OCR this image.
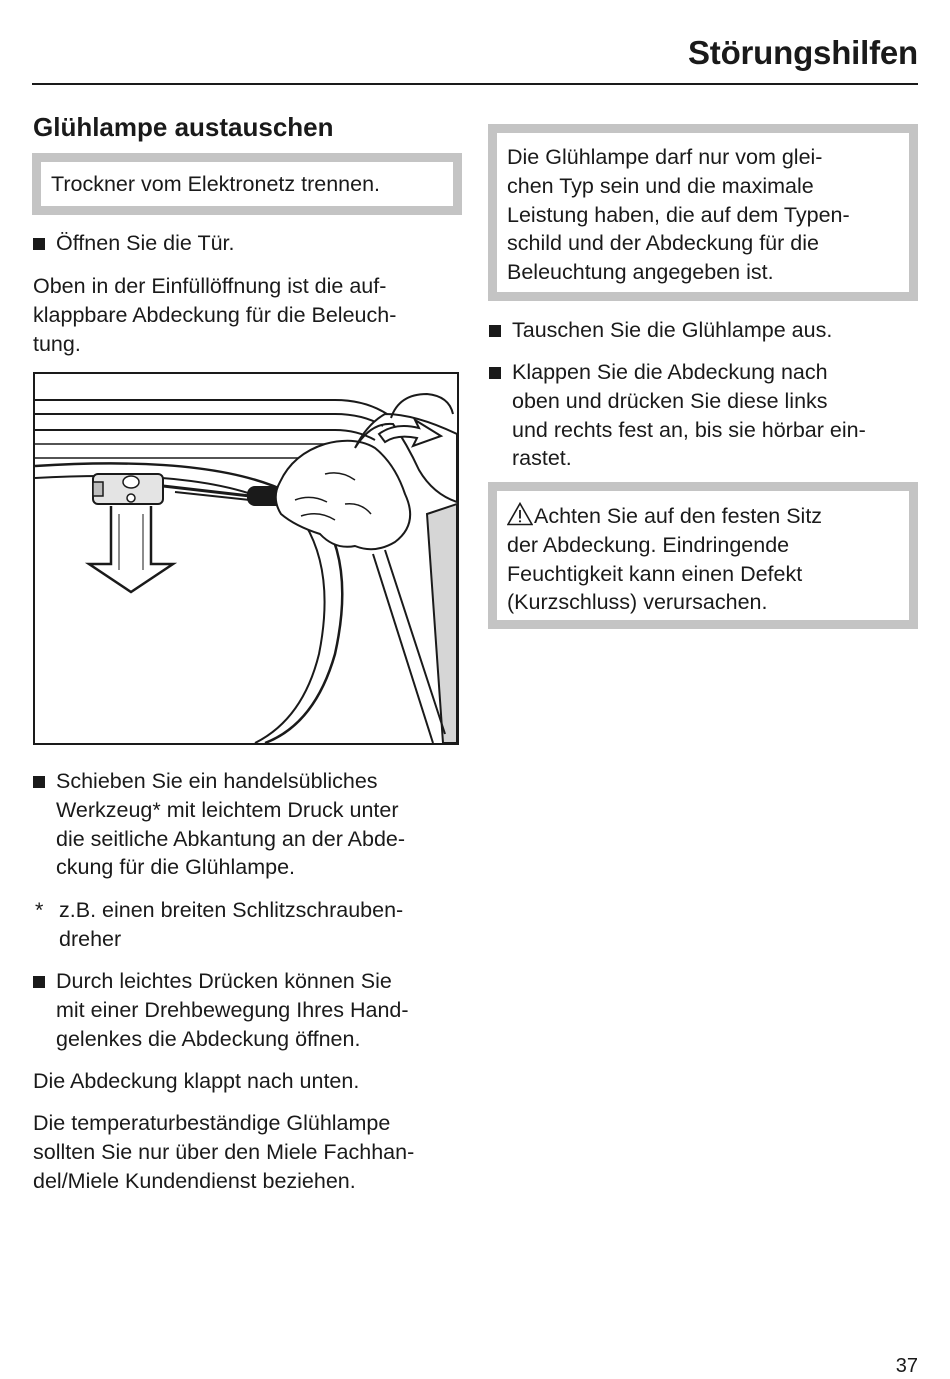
Störungshilfen
Glühlampe austauschen
Trockner vom Elektronetz trennen.
Öffnen Sie die Tür.
Oben in der Einfüllöffnung ist die auf-
klappbare Abdeckung für die Beleuch-
tung.
Schieben Sie ein handelsübliches
Werkzeug* mit leichtem Druck unter
die seitliche Abkantung an der Abde-
ckung für die Glühlampe.
* z.B. einen breiten Schlitzschrauben-
dreher
Durch leichtes Drücken können Sie
mit einer Drehbewegung Ihres Hand-
gelenkes die Abdeckung öffnen.
Die Abdeckung klappt nach unten.
Die temperaturbeständige Glühlampe
sollten Sie nur über den Miele Fachhan-
del/Miele Kundendienst beziehen.
Die Glühlampe darf nur vom glei-
chen Typ sein und die maximale
Leistung haben, die auf dem Typen-
schild und der Abdeckung für die
Beleuchtung angegeben ist.
Tauschen Sie die Glühlampe aus.
Klappen Sie die Abdeckung nach
oben und drücken Sie diese links
und rechts fest an, bis sie hörbar ein-
rastet.
Achten Sie auf den festen Sitz
der Abdeckung. Eindringende
Feuchtigkeit kann einen Defekt
(Kurzschluss) verursachen.
37
